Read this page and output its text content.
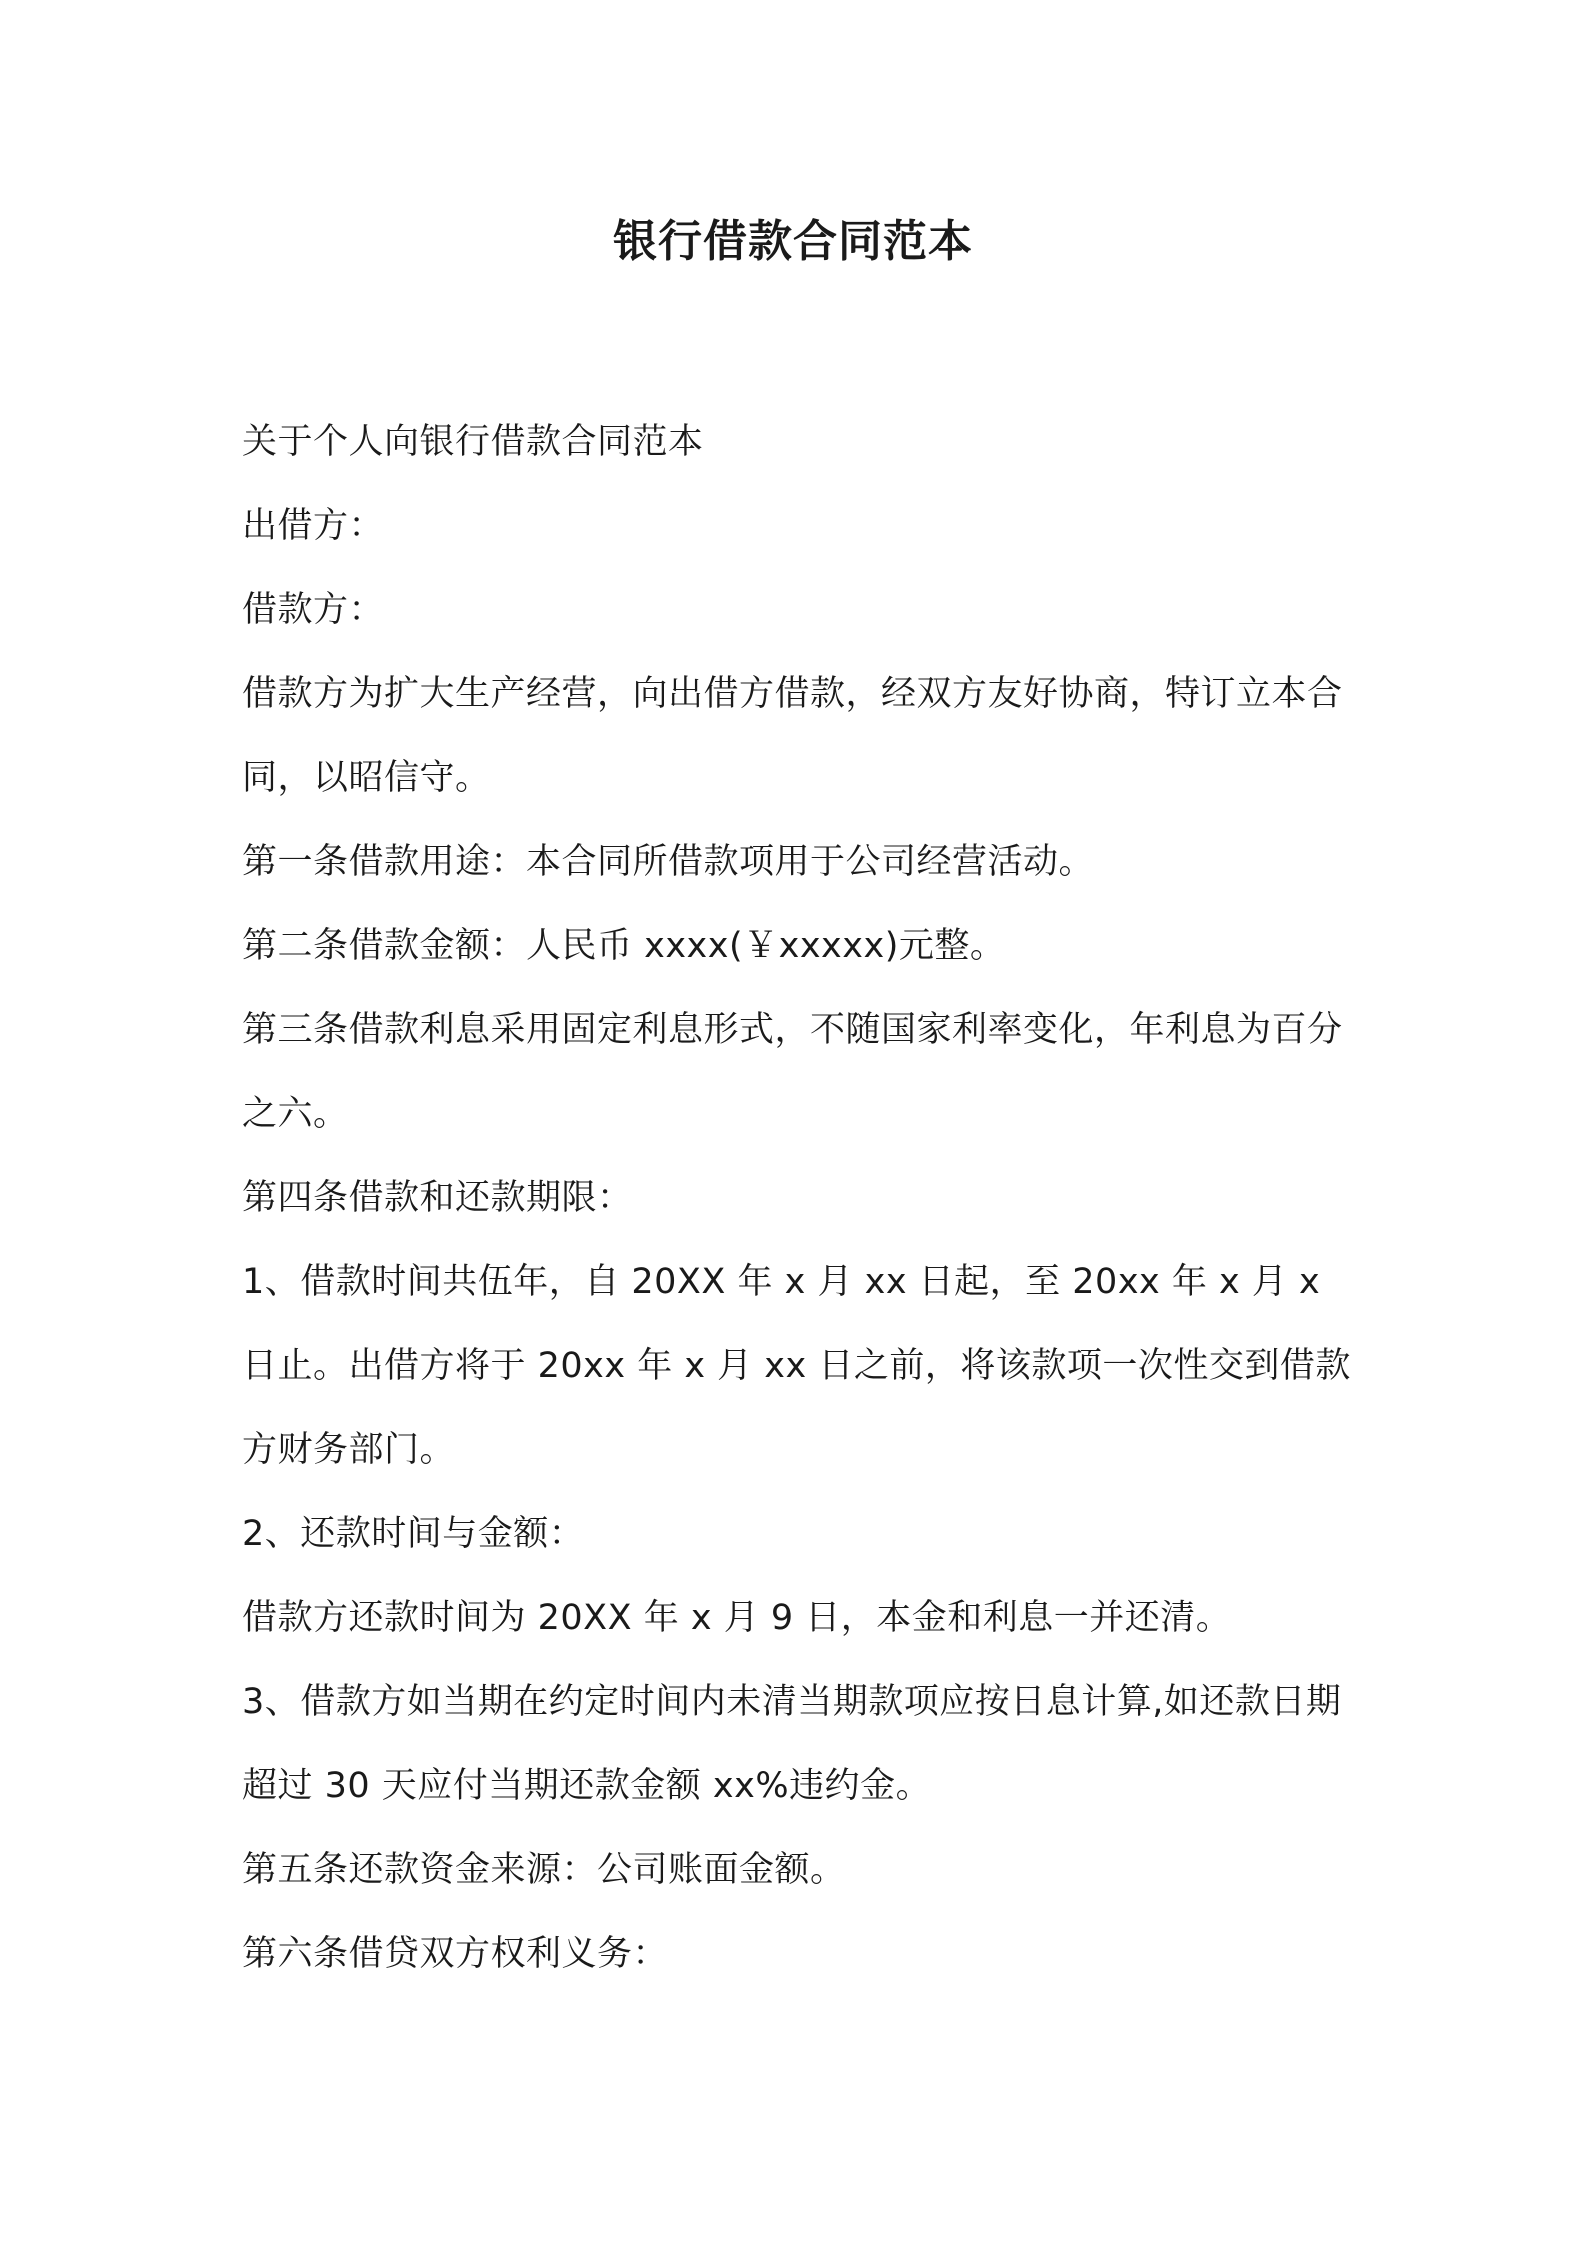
银行借款合同范本

关于个人向银行借款合同范本

出借方：

借款方：

借款方为扩大生产经营，向出借方借款，经双方友好协商，特订立本合同，以昭信守。

第一条借款用途：本合同所借款项用于公司经营活动。

第二条借款金额：人民币 xxxx(￥xxxxx)元整。

第三条借款利息采用固定利息形式，不随国家利率变化，年利息为百分之六。

第四条借款和还款期限：

1、借款时间共伍年，自 20XX 年 x 月 xx 日起，至 20xx 年 x 月 x 日止。出借方将于 20xx 年 x 月 xx 日之前，将该款项一次性交到借款方财务部门。

2、还款时间与金额：

借款方还款时间为 20XX 年 x 月 9 日，本金和利息一并还清。

3、借款方如当期在约定时间内未清当期款项应按日息计算,如还款日期超过 30 天应付当期还款金额 xx%违约金。

第五条还款资金来源：公司账面金额。

第六条借贷双方权利义务：
